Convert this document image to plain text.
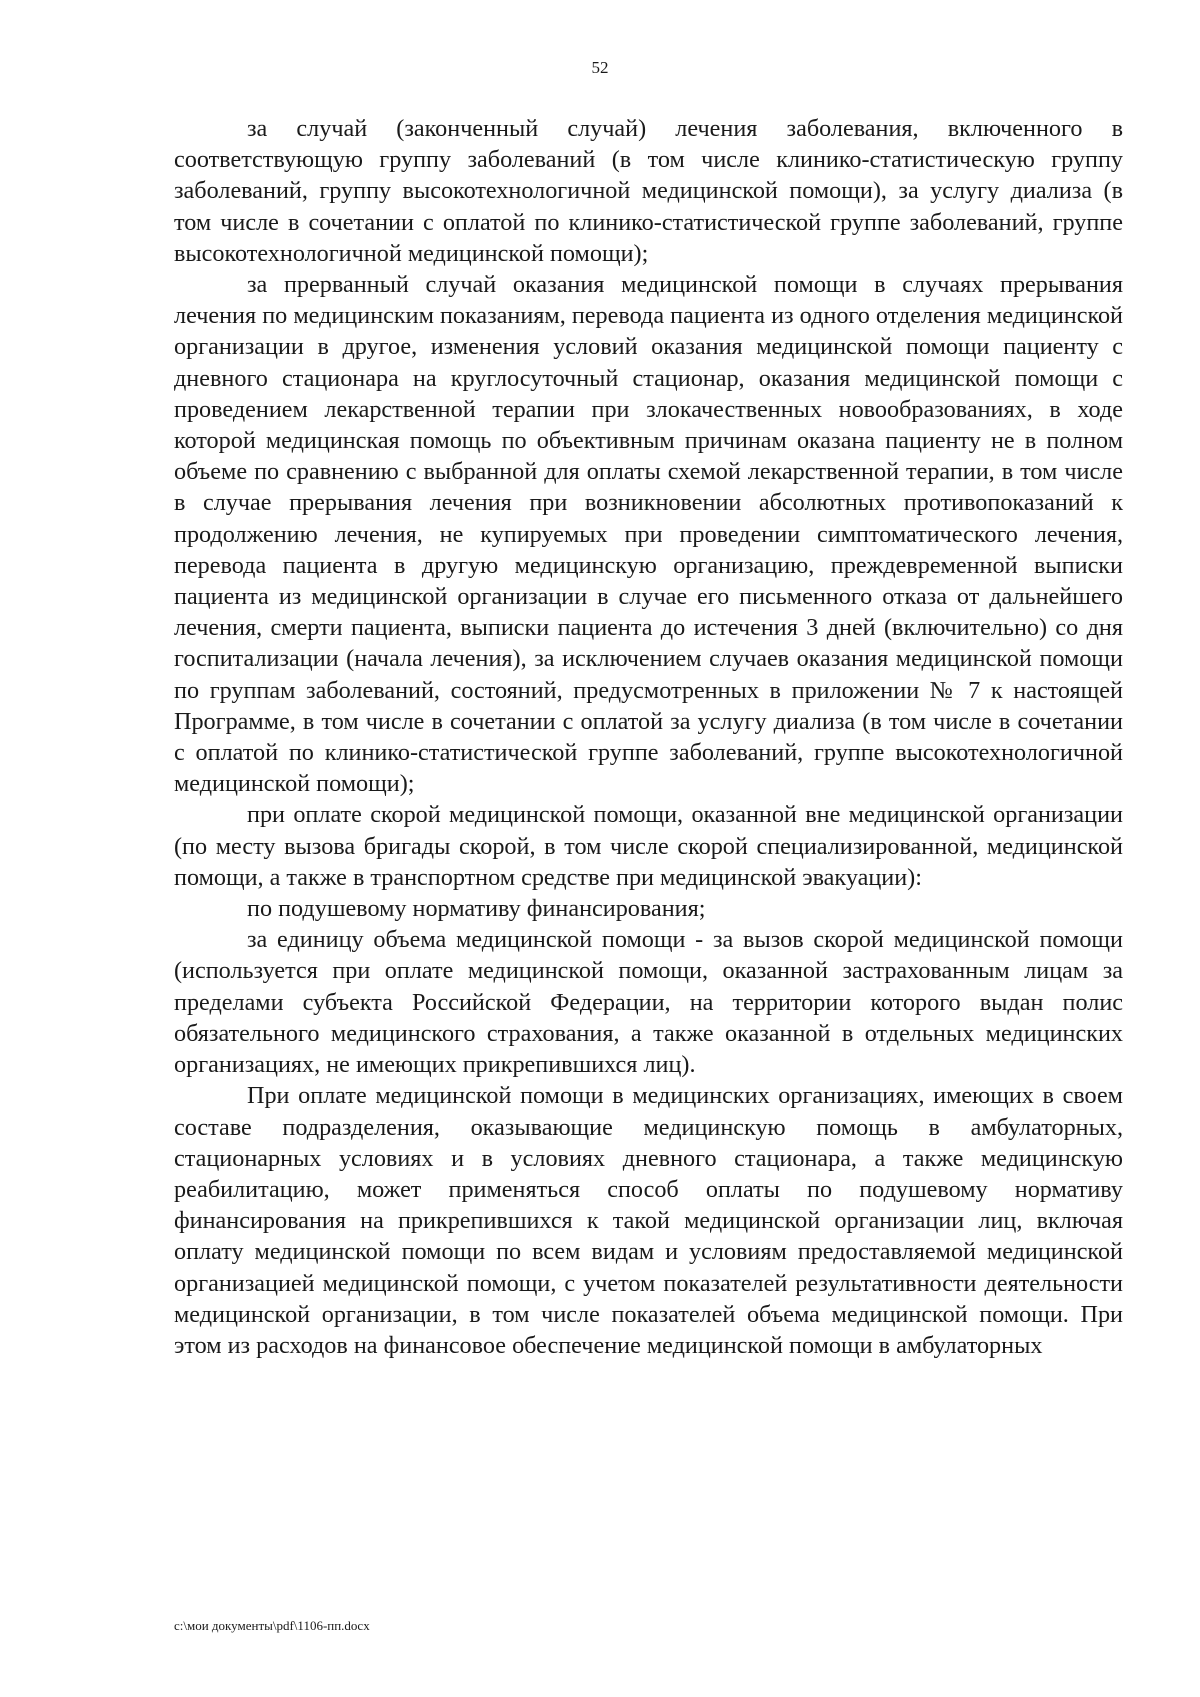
52

за случай (законченный случай) лечения заболевания, включенного в соответствующую группу заболеваний (в том числе клинико-статистическую группу заболеваний, группу высокотехнологичной медицинской помощи), за услугу диализа (в том числе в сочетании с оплатой по клинико-статистической группе заболеваний, группе высокотехнологичной медицинской помощи);

за прерванный случай оказания медицинской помощи в случаях прерывания лечения по медицинским показаниям, перевода пациента из одного отделения медицинской организации в другое, изменения условий оказания медицинской помощи пациенту с дневного стационара на круглосуточный стационар, оказания медицинской помощи с проведением лекарственной терапии при злокачественных новообразованиях, в ходе которой медицинская помощь по объективным причинам оказана пациенту не в полном объеме по сравнению с выбранной для оплаты схемой лекарственной терапии, в том числе в случае прерывания лечения при возникновении абсолютных противопоказаний к продолжению лечения, не купируемых при проведении симптоматического лечения, перевода пациента в другую медицинскую организацию, преждевременной выписки пациента из медицинской организации в случае его письменного отказа от дальнейшего лечения, смерти пациента, выписки пациента до истечения 3 дней (включительно) со дня госпитализации (начала лечения), за исключением случаев оказания медицинской помощи по группам заболеваний, состояний, предусмотренных в приложении № 7 к настоящей Программе, в том числе в сочетании с оплатой за услугу диализа (в том числе в сочетании с оплатой по клинико-статистической группе заболеваний, группе высокотехнологичной медицинской помощи);

при оплате скорой медицинской помощи, оказанной вне медицинской организации (по месту вызова бригады скорой, в том числе скорой специализированной, медицинской помощи, а также в транспортном средстве при медицинской эвакуации):

по подушевому нормативу финансирования;

за единицу объема медицинской помощи - за вызов скорой медицинской помощи (используется при оплате медицинской помощи, оказанной застрахованным лицам за пределами субъекта Российской Федерации, на территории которого выдан полис обязательного медицинского страхования, а также оказанной в отдельных медицинских организациях, не имеющих прикрепившихся лиц).

При оплате медицинской помощи в медицинских организациях, имеющих в своем составе подразделения, оказывающие медицинскую помощь в амбулаторных, стационарных условиях и в условиях дневного стационара, а также медицинскую реабилитацию, может применяться способ оплаты по подушевому нормативу финансирования на прикрепившихся к такой медицинской организации лиц, включая оплату медицинской помощи по всем видам и условиям предоставляемой медицинской организацией медицинской помощи, с учетом показателей результативности деятельности медицинской организации, в том числе показателей объема медицинской помощи. При этом из расходов на финансовое обеспечение медицинской помощи в амбулаторных

c:\мои документы\pdf\1106-пп.docx
